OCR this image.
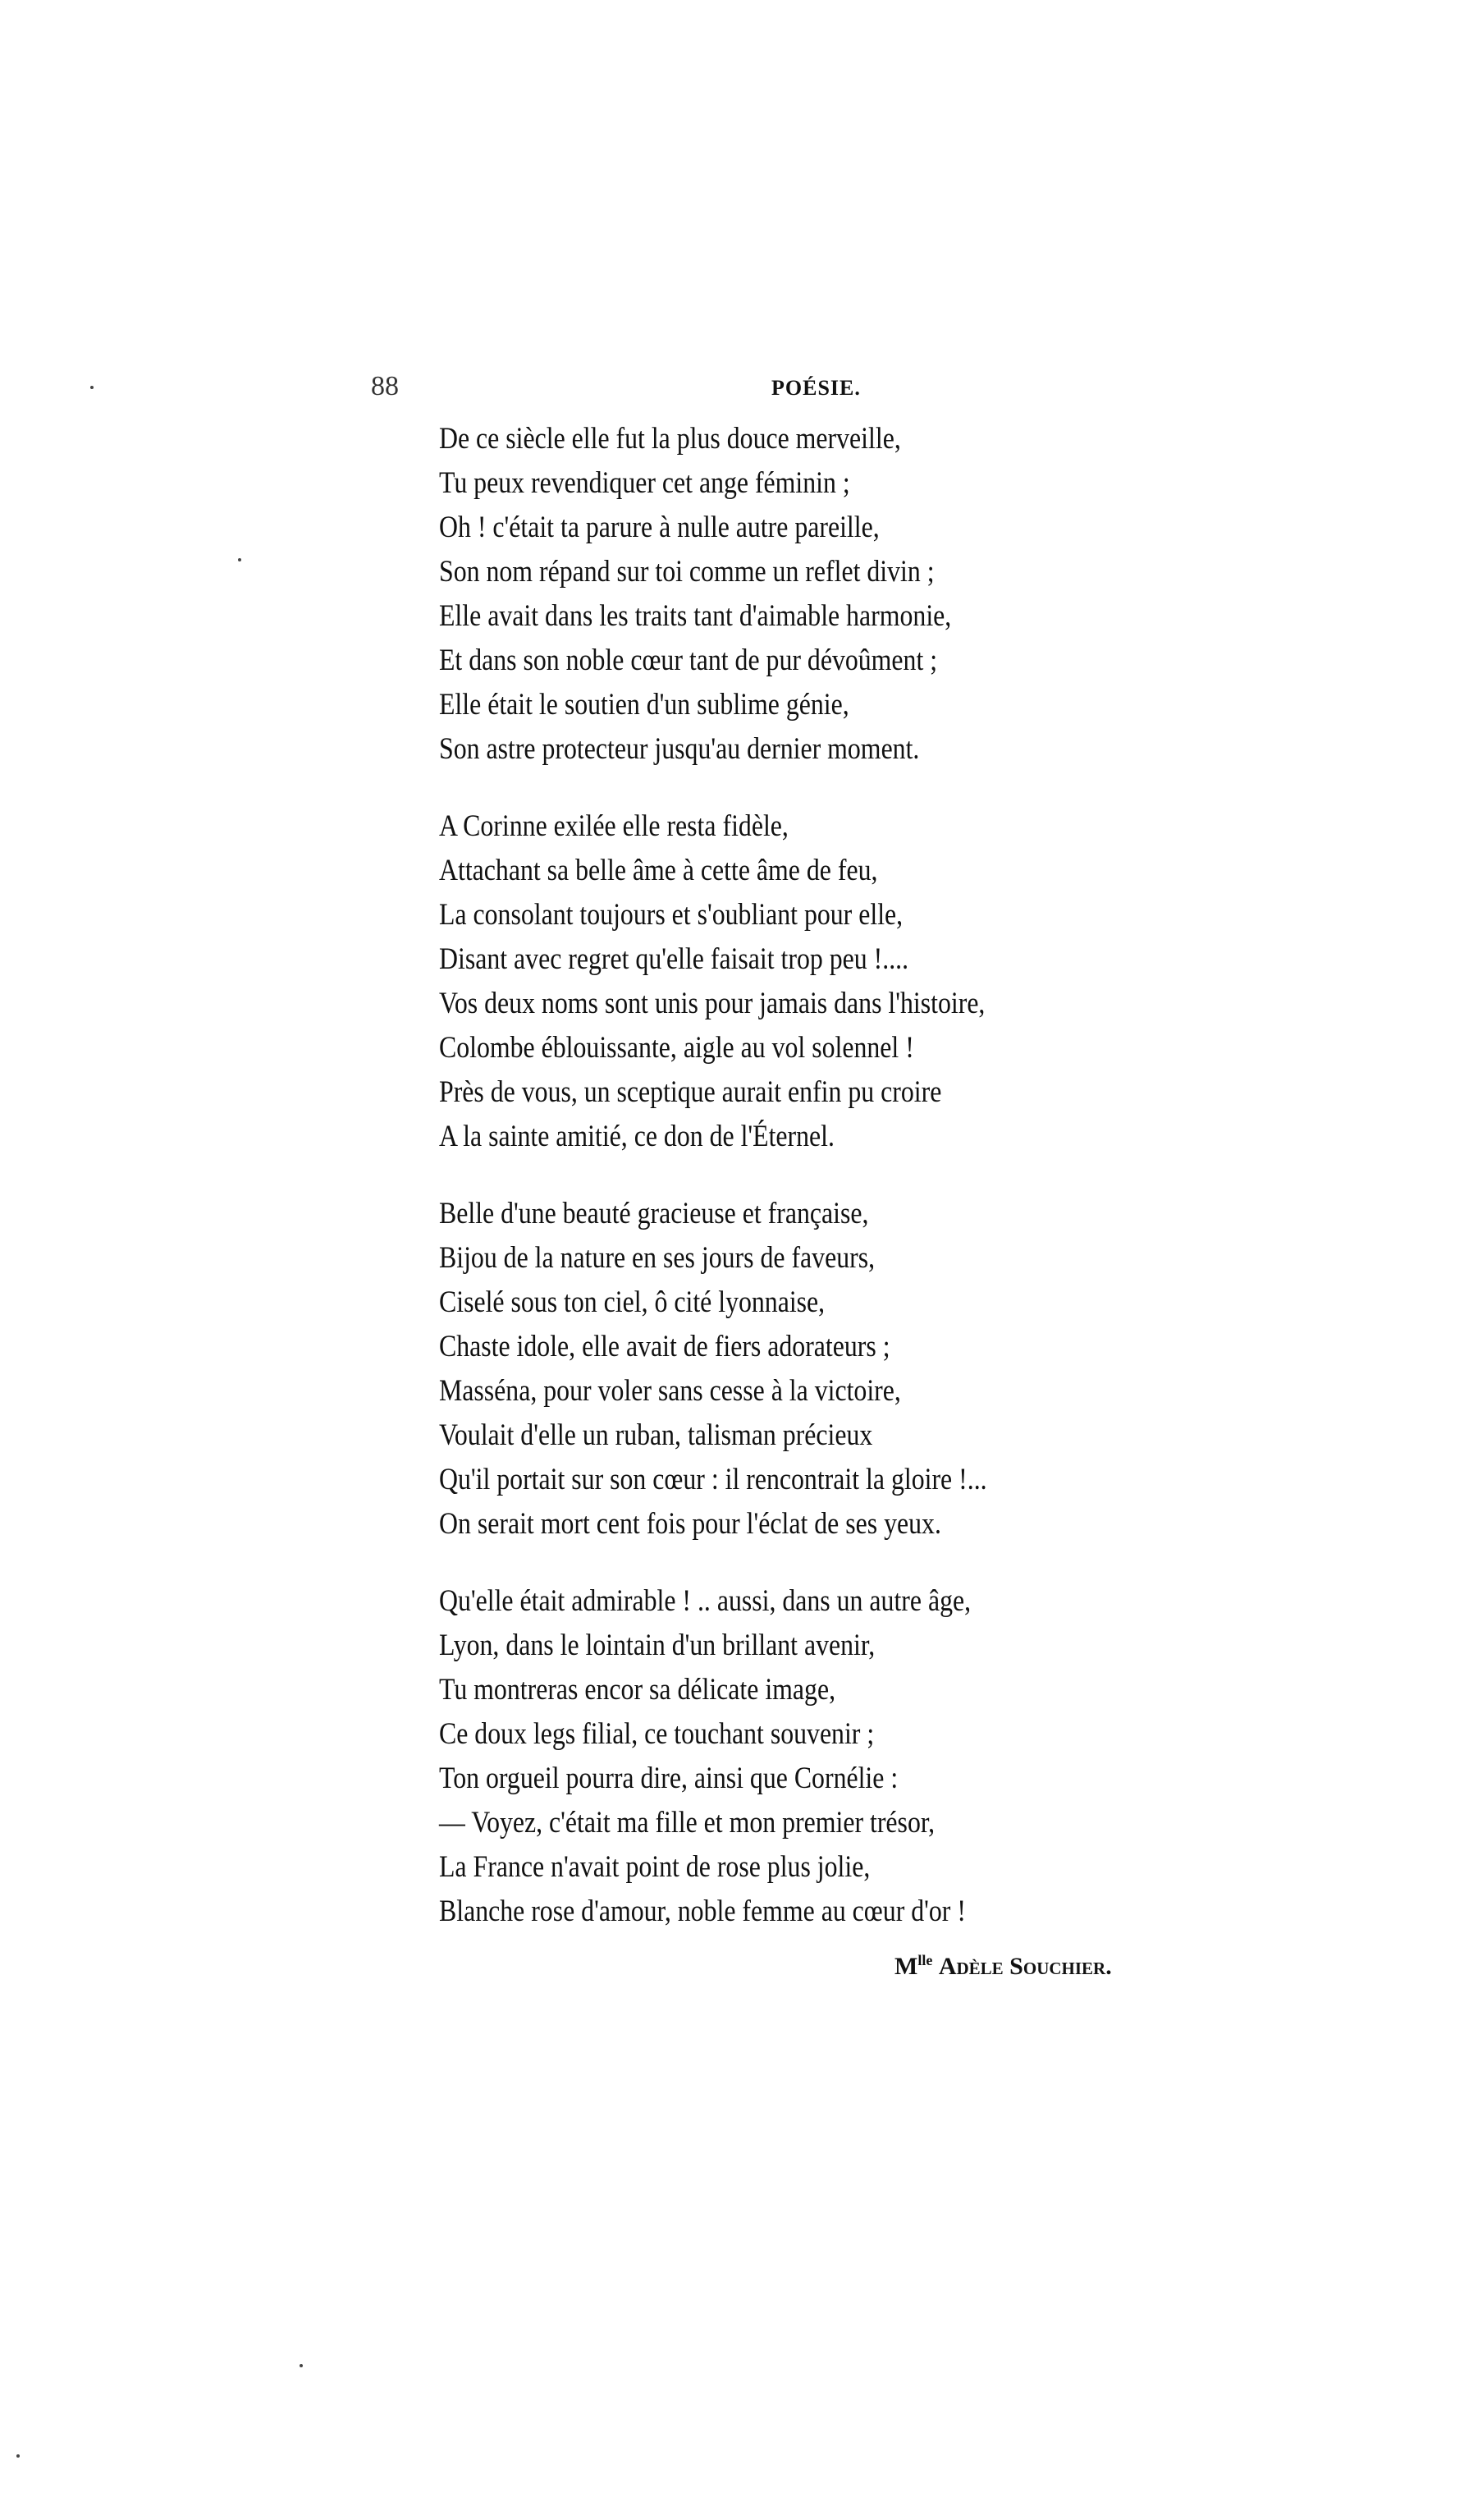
88	POÉSIE.
De ce siècle elle fut la plus douce merveille,
Tu peux revendiquer cet ange féminin ;
Oh ! c'était ta parure à nulle autre pareille,
Son nom répand sur toi comme un reflet divin ;
Elle avait dans les traits tant d'aimable harmonie,
Et dans son noble cœur tant de pur dévoûment ;
Elle était le soutien d'un sublime génie,
Son astre protecteur jusqu'au dernier moment.
A Corinne exilée elle resta fidèle,
Attachant sa belle âme à cette âme de feu,
La consolant toujours et s'oubliant pour elle,
Disant avec regret qu'elle faisait trop peu !....
Vos deux noms sont unis pour jamais dans l'histoire,
Colombe éblouissante, aigle au vol solennel !
Près de vous, un sceptique aurait enfin pu croire
A la sainte amitié, ce don de l'Éternel.
Belle d'une beauté gracieuse et française,
Bijou de la nature en ses jours de faveurs,
Ciselé sous ton ciel, ô cité lyonnaise,
Chaste idole, elle avait de fiers adorateurs ;
Masséna, pour voler sans cesse à la victoire,
Voulait d'elle un ruban, talisman précieux
Qu'il portait sur son cœur : il rencontrait la gloire !...
On serait mort cent fois pour l'éclat de ses yeux.
Qu'elle était admirable ! .. aussi, dans un autre âge,
Lyon, dans le lointain d'un brillant avenir,
Tu montreras encor sa délicate image,
Ce doux legs filial, ce touchant souvenir ;
Ton orgueil pourra dire, ainsi que Cornélie :
— Voyez, c'était ma fille et mon premier trésor,
La France n'avait point de rose plus jolie,
Blanche rose d'amour, noble femme au cœur d'or !
$M^{lle}$ Adèle Souchier.
